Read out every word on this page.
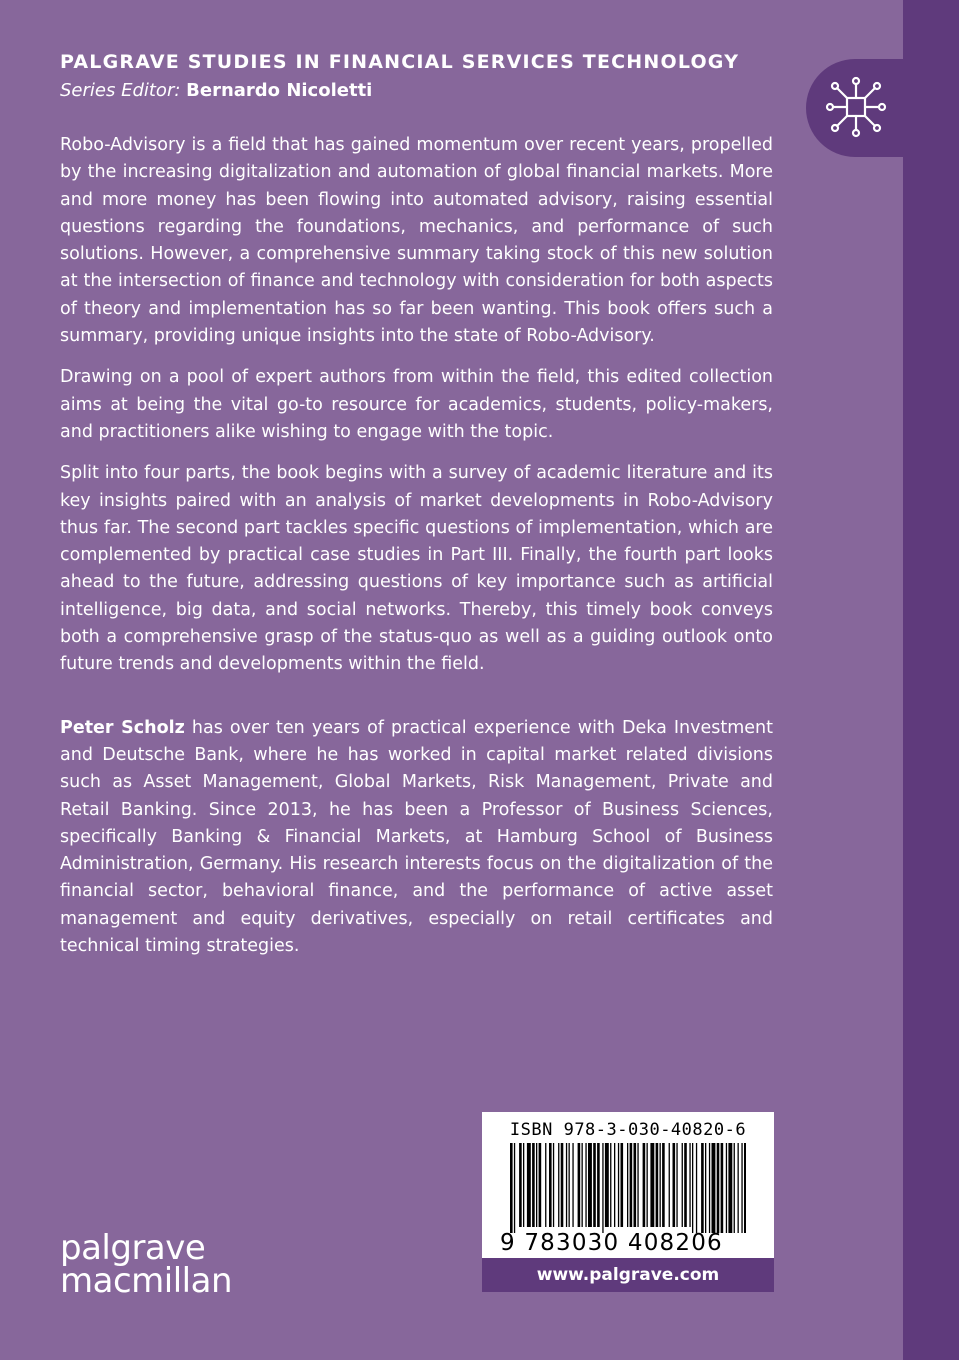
PALGRAVE STUDIES IN FINANCIAL SERVICES TECHNOLOGY
Series Editor: Bernardo Nicoletti

Robo-Advisory is a field that has gained momentum over recent years, propelled by the increasing digitalization and automation of global financial markets. More and more money has been flowing into automated advisory, raising essential questions regarding the foundations, mechanics, and performance of such solutions. However, a comprehensive summary taking stock of this new solution at the intersection of finance and technology with consideration for both aspects of theory and implementation has so far been wanting. This book offers such a summary, providing unique insights into the state of Robo-Advisory.

Drawing on a pool of expert authors from within the field, this edited collection aims at being the vital go-to resource for academics, students, policy-makers, and practitioners alike wishing to engage with the topic.

Split into four parts, the book begins with a survey of academic literature and its key insights paired with an analysis of market developments in Robo-Advisory thus far. The second part tackles specific questions of implementation, which are complemented by practical case studies in Part III. Finally, the fourth part looks ahead to the future, addressing questions of key importance such as artificial intelligence, big data, and social networks. Thereby, this timely book conveys both a comprehensive grasp of the status-quo as well as a guiding outlook onto future trends and developments within the field.

Peter Scholz has over ten years of practical experience with Deka Investment and Deutsche Bank, where he has worked in capital market related divisions such as Asset Management, Global Markets, Risk Management, Private and Retail Banking. Since 2013, he has been a Professor of Business Sciences, specifically Banking & Financial Markets, at Hamburg School of Business Administration, Germany. His research interests focus on the digitalization of the financial sector, behavioral finance, and the performance of active asset management and equity derivatives, especially on retail certificates and technical timing strategies.

palgrave
macmillan
ISBN 978-3-030-40820-6
9 783030 408206
www.palgrave.com
